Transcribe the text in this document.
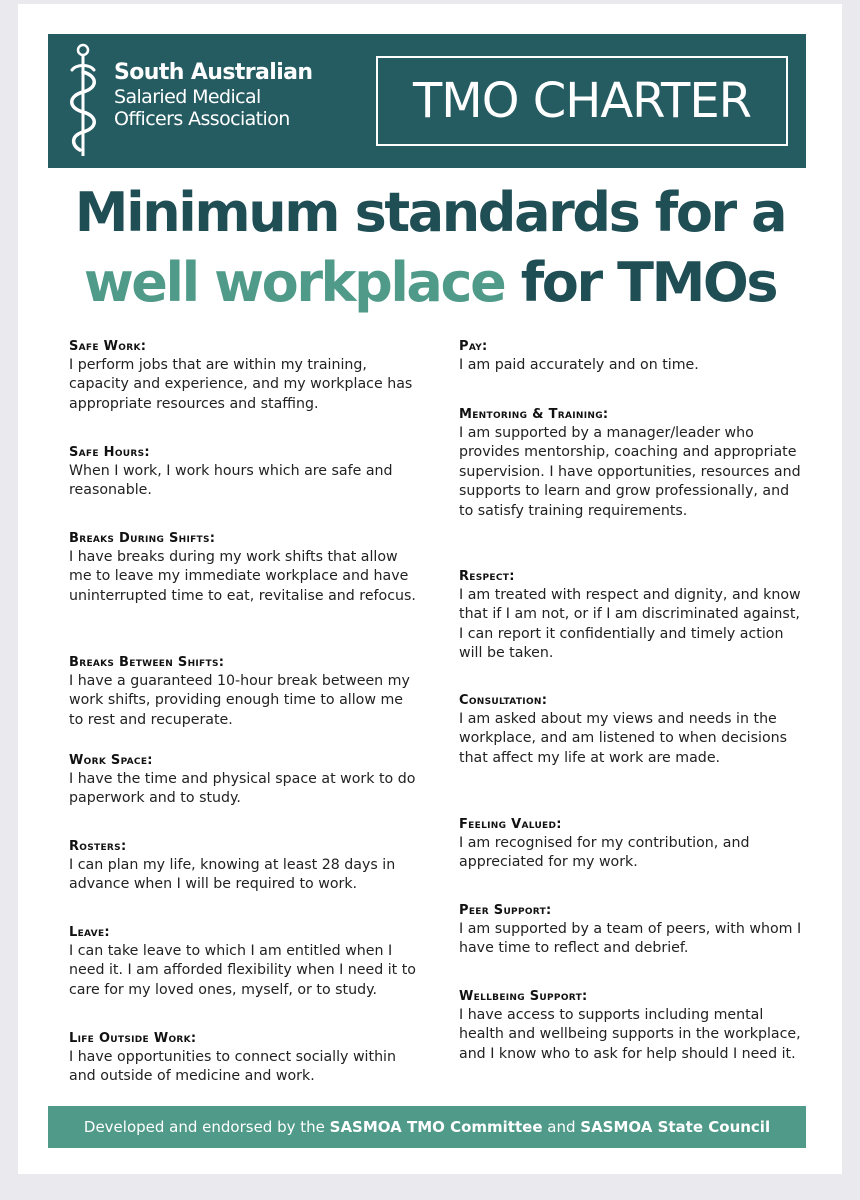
South Australian
Salaried Medical
Officers Association	TMO CHARTER
Minimum standards for a
well workplace for TMOs
Safe Work:
I perform jobs that are within my training, capacity and experience, and my workplace has appropriate resources and staffing.
Safe Hours:
When I work, I work hours which are safe and reasonable.
Breaks During Shifts:
I have breaks during my work shifts that allow me to leave my immediate workplace and have uninterrupted time to eat, revitalise and refocus.
Breaks Between Shifts:
I have a guaranteed 10-hour break between my work shifts, providing enough time to allow me to rest and recuperate.
Work Space:
I have the time and physical space at work to do paperwork and to study.
Rosters:
I can plan my life, knowing at least 28 days in advance when I will be required to work.
Leave:
I can take leave to which I am entitled when I need it. I am afforded flexibility when I need it to care for my loved ones, myself, or to study.
Life Outside Work:
I have opportunities to connect socially within and outside of medicine and work.
Pay:
I am paid accurately and on time.
Mentoring & Training:
I am supported by a manager/leader who provides mentorship, coaching and appropriate supervision. I have opportunities, resources and supports to learn and grow professionally, and to satisfy training requirements.
Respect:
I am treated with respect and dignity, and know that if I am not, or if I am discriminated against, I can report it confidentially and timely action will be taken.
Consultation:
I am asked about my views and needs in the workplace, and am listened to when decisions that affect my life at work are made.
Feeling Valued:
I am recognised for my contribution, and appreciated for my work.
Peer Support:
I am supported by a team of peers, with whom I have time to reflect and debrief.
Wellbeing Support:
I have access to supports including mental health and wellbeing supports in the workplace, and I know who to ask for help should I need it.
Developed and endorsed by the SASMOA TMO Committee and SASMOA State Council
